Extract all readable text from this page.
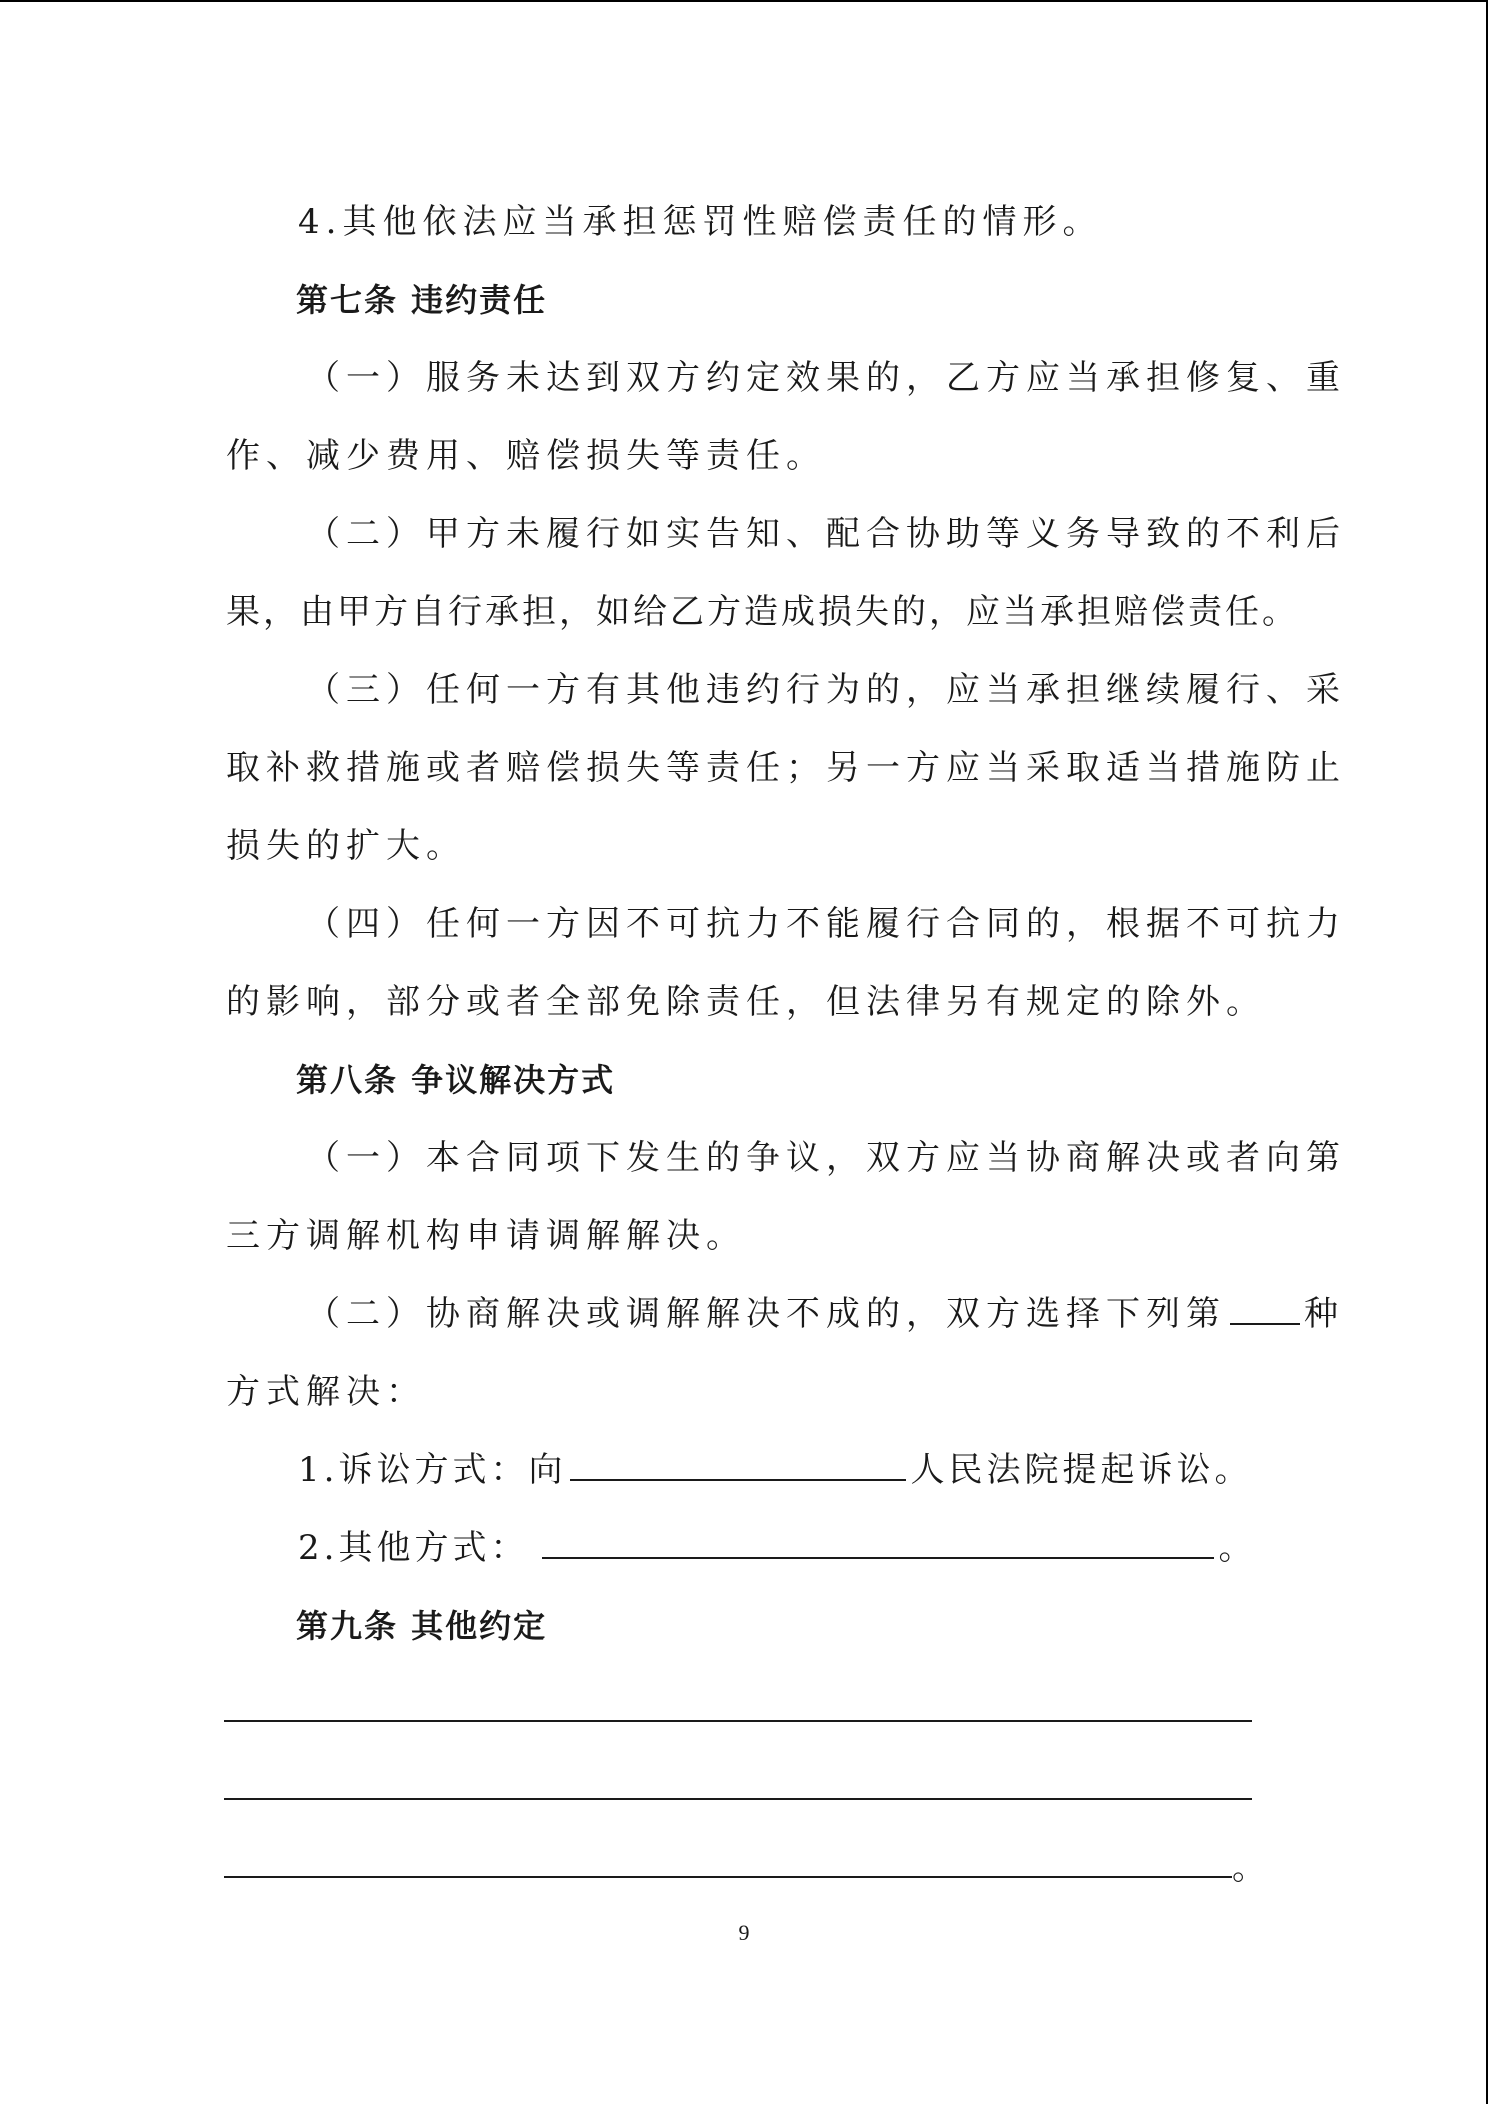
4.其他依法应当承担惩罚性赔偿责任的情形。

第七条 违约责任

（一）服务未达到双方约定效果的，乙方应当承担修复、重

作、减少费用、赔偿损失等责任。

（二）甲方未履行如实告知、配合协助等义务导致的不利后

果，由甲方自行承担，如给乙方造成损失的，应当承担赔偿责任。

（三）任何一方有其他违约行为的，应当承担继续履行、采

取补救措施或者赔偿损失等责任；另一方应当采取适当措施防止

损失的扩大。

（四）任何一方因不可抗力不能履行合同的，根据不可抗力

的影响，部分或者全部免除责任，但法律另有规定的除外。

第八条 争议解决方式

（一）本合同项下发生的争议，双方应当协商解决或者向第

三方调解机构申请调解解决。

（二）协商解决或调解解决不成的，双方选择下列第 种

方式解决：

1.诉讼方式：向	人民法院提起诉讼。

2.其他方式：	。

第九条 其他约定

。

9
